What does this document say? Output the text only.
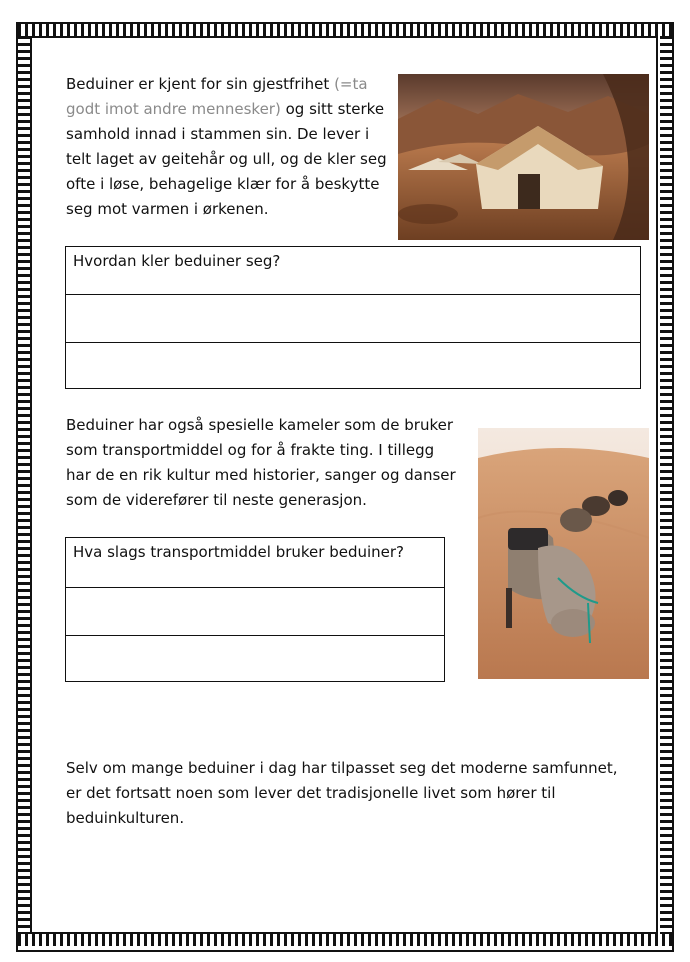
Beduiner er kjent for sin gjestfrihet (=ta godt imot andre mennesker) og sitt sterke samhold innad i stammen sin. De lever i telt laget av geitehår og ull, og de kler seg ofte i løse, behagelige klær for å beskytte seg mot varmen i ørkenen.
Hvordan kler beduiner seg?
Beduiner har også spesielle kameler som de bruker som transportmiddel og for å frakte ting. I tillegg har de en rik kultur med historier, sanger og danser som de viderefører til neste generasjon.
Hva slags transportmiddel bruker beduiner?
Selv om mange beduiner i dag har tilpasset seg det moderne samfunnet, er det fortsatt noen som lever det tradisjonelle livet som hører til beduinkulturen.
